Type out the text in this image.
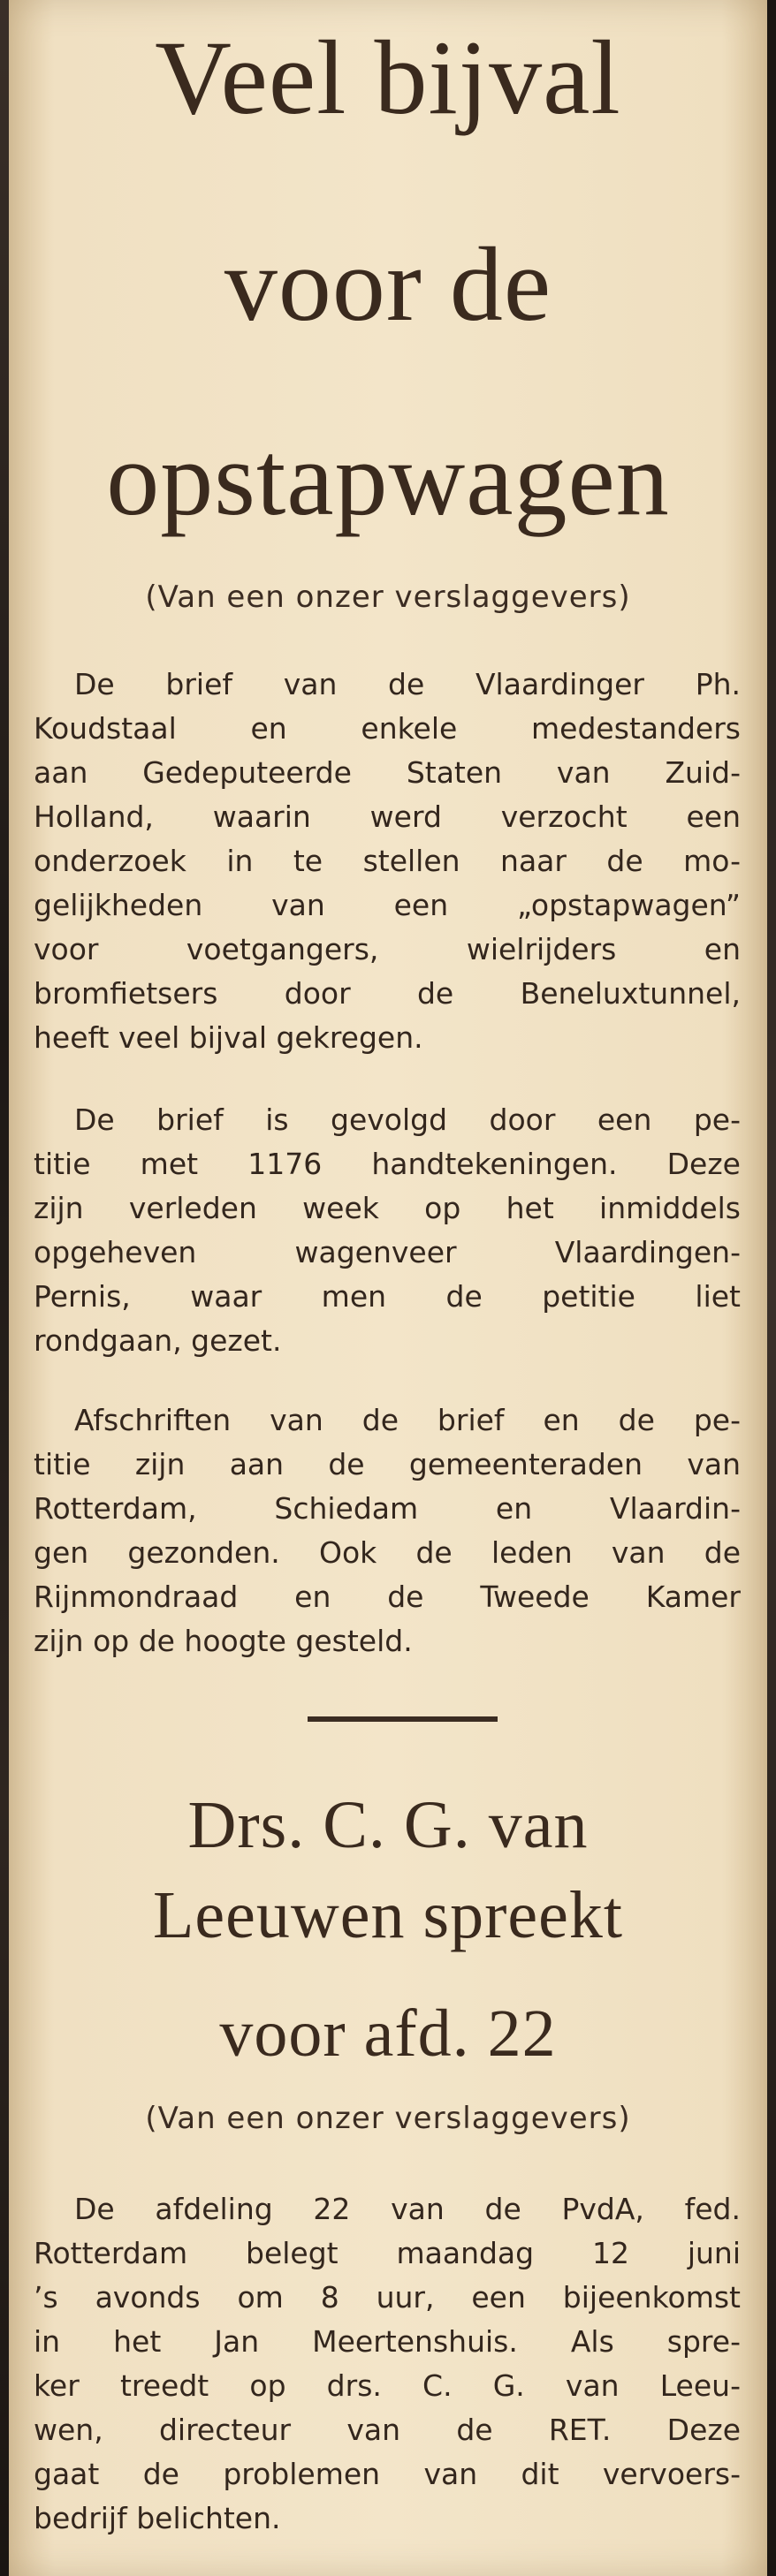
Veel bijval
voor de
opstapwagen
(Van een onzer verslaggevers)
De brief van de Vlaardinger Ph.
Koudstaal en enkele medestanders
aan Gedeputeerde Staten van Zuid-
Holland, waarin werd verzocht een
onderzoek in te stellen naar de mo-
gelijkheden van een „opstapwagen”
voor voetgangers, wielrijders en
bromfietsers door de Beneluxtunnel,
heeft veel bijval gekregen.
De brief is gevolgd door een pe-
titie met 1176 handtekeningen. Deze
zijn verleden week op het inmiddels
opgeheven wagenveer Vlaardingen-
Pernis, waar men de petitie liet
rondgaan, gezet.
Afschriften van de brief en de pe-
titie zijn aan de gemeenteraden van
Rotterdam, Schiedam en Vlaardin-
gen gezonden. Ook de leden van de
Rijnmondraad en de Tweede Kamer
zijn op de hoogte gesteld.
Drs. C. G. van
Leeuwen spreekt
voor afd. 22
(Van een onzer verslaggevers)
De afdeling 22 van de PvdA, fed.
Rotterdam belegt maandag 12 juni
’s avonds om 8 uur, een bijeenkomst
in het Jan Meertenshuis. Als spre-
ker treedt op drs. C. G. van Leeu-
wen, directeur van de RET. Deze
gaat de problemen van dit vervoers-
bedrijf belichten.
